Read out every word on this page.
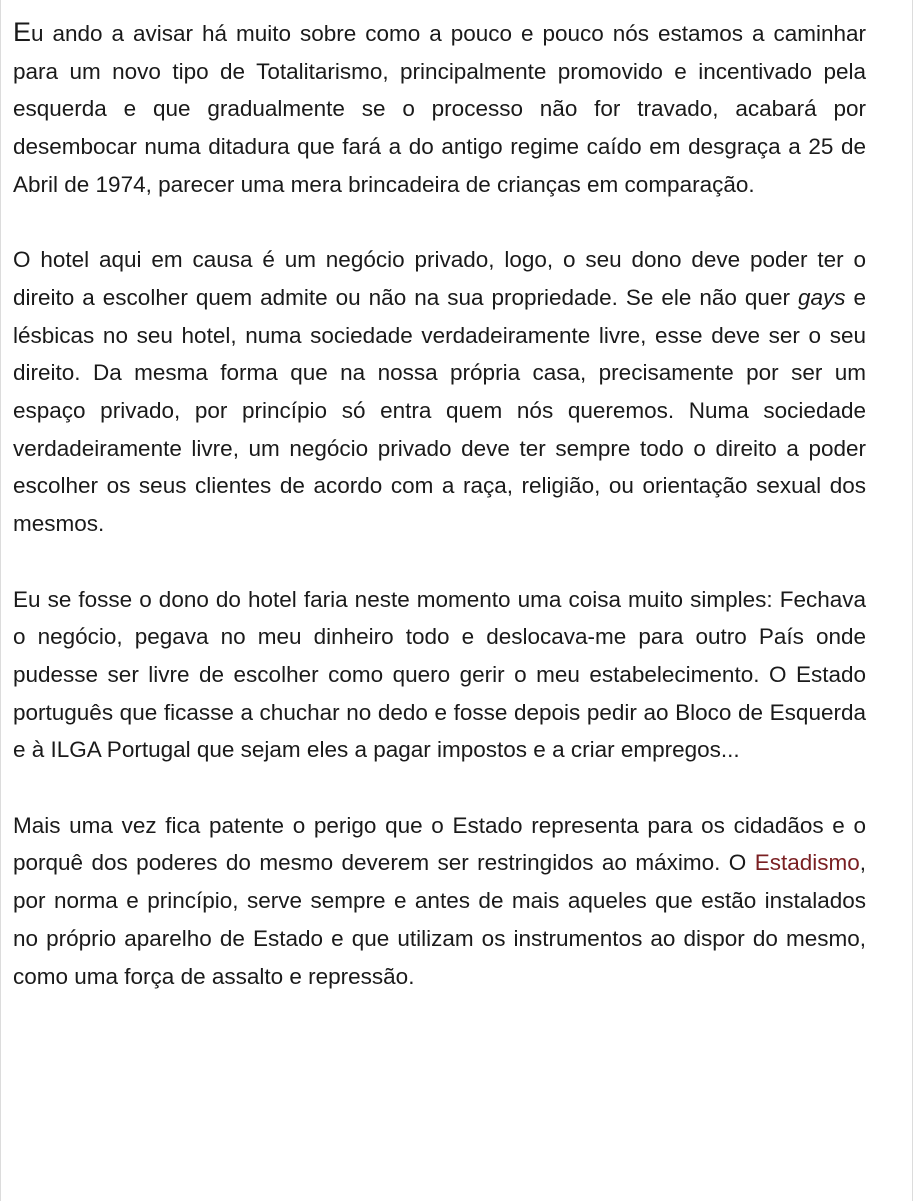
Eu ando a avisar há muito sobre como a pouco e pouco nós estamos a caminhar para um novo tipo de Totalitarismo, principalmente promovido e incentivado pela esquerda e que gradualmente se o processo não for travado, acabará por desembocar numa ditadura que fará a do antigo regime caído em desgraça a 25 de Abril de 1974, parecer uma mera brincadeira de crianças em comparação.

O hotel aqui em causa é um negócio privado, logo, o seu dono deve poder ter o direito a escolher quem admite ou não na sua propriedade. Se ele não quer gays e lésbicas no seu hotel, numa sociedade verdadeiramente livre, esse deve ser o seu direito. Da mesma forma que na nossa própria casa, precisamente por ser um espaço privado, por princípio só entra quem nós queremos. Numa sociedade verdadeiramente livre, um negócio privado deve ter sempre todo o direito a poder escolher os seus clientes de acordo com a raça, religião, ou orientação sexual dos mesmos.

Eu se fosse o dono do hotel faria neste momento uma coisa muito simples: Fechava o negócio, pegava no meu dinheiro todo e deslocava-me para outro País onde pudesse ser livre de escolher como quero gerir o meu estabelecimento. O Estado português que ficasse a chuchar no dedo e fosse depois pedir ao Bloco de Esquerda e à ILGA Portugal que sejam eles a pagar impostos e a criar empregos...

Mais uma vez fica patente o perigo que o Estado representa para os cidadãos e o porquê dos poderes do mesmo deverem ser restringidos ao máximo. O Estadismo, por norma e princípio, serve sempre e antes de mais aqueles que estão instalados no próprio aparelho de Estado e que utilizam os instrumentos ao dispor do mesmo, como uma força de assalto e repressão.
